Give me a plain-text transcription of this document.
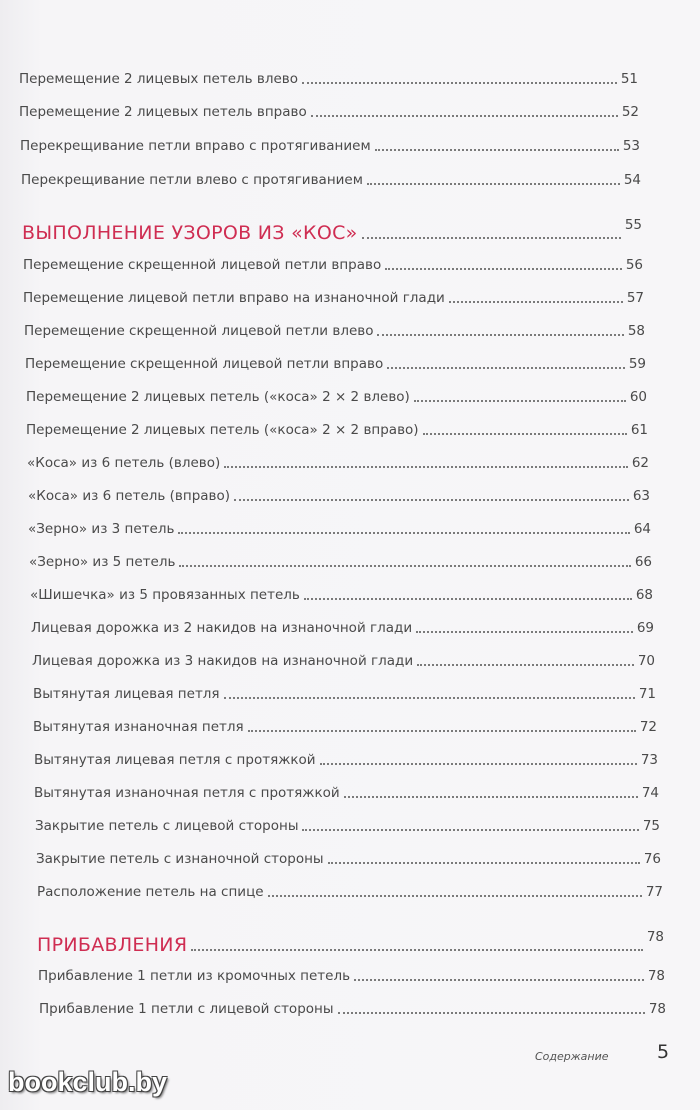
Перемещение 2 лицевых петель влево	51
Перемещение 2 лицевых петель вправо	52
Перекрещивание петли вправо с протягиванием	53
Перекрещивание петли влево с протягиванием	54
ВЫПОЛНЕНИЕ УЗОРОВ ИЗ «КОС»	55
Перемещение скрещенной лицевой петли вправо	56
Перемещение лицевой петли вправо на изнаночной глади	57
Перемещение скрещенной лицевой петли влево	58
Перемещение скрещенной лицевой петли вправо	59
Перемещение 2 лицевых петель («коса» 2 × 2 влево)	60
Перемещение 2 лицевых петель («коса» 2 × 2 вправо)	61
«Коса» из 6 петель (влево)	62
«Коса» из 6 петель (вправо)	63
«Зерно» из 3 петель	64
«Зерно» из 5 петель	66
«Шишечка» из 5 провязанных петель	68
Лицевая дорожка из 2 накидов на изнаночной глади	69
Лицевая дорожка из 3 накидов на изнаночной глади	70
Вытянутая лицевая петля	71
Вытянутая изнаночная петля	72
Вытянутая лицевая петля с протяжкой	73
Вытянутая изнаночная петля с протяжкой	74
Закрытие петель с лицевой стороны	75
Закрытие петель с изнаночной стороны	76
Расположение петель на спице	77
ПРИБАВЛЕНИЯ	78
Прибавление 1 петли из кромочных петель	78
Прибавление 1 петли с лицевой стороны	78
Содержание	5
bookclub.by
